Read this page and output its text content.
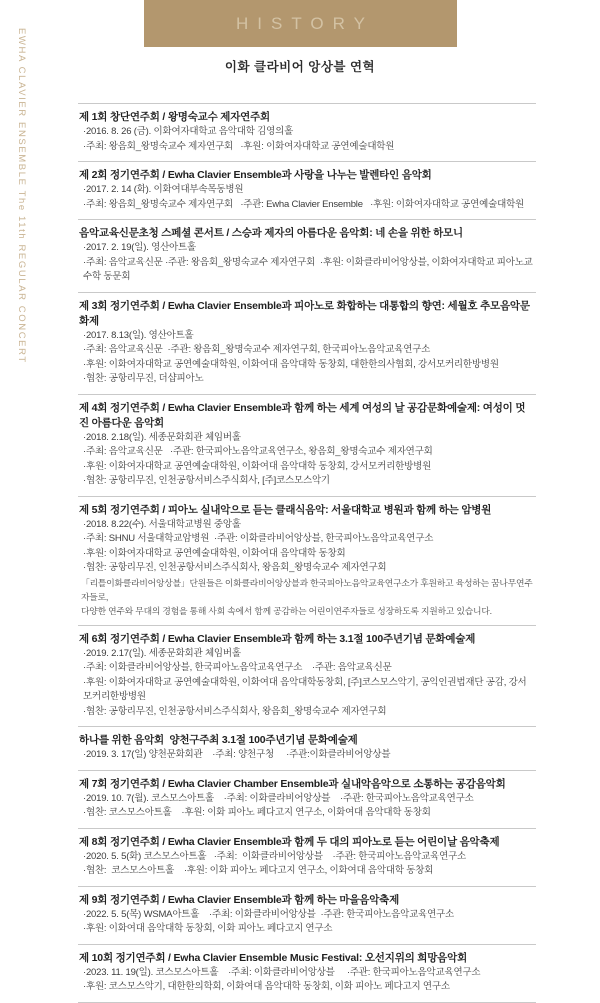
EWHA CLAVIER ENSEMBLE The 11th REGULAR CONCERT
HISTORY
이화 클라비어 앙상블 연혁
제 1회 창단연주회 / 왕명숙교수 제자연주회
·2016. 8. 26 (금). 이화여자대학교 음악대학 김영의홀
·주최: 왕음회_왕명숙교수 제자연구회   ·후원: 이화여자대학교 공연예술대학원
제 2회 정기연주회 / Ewha Clavier Ensemble과 사랑을 나누는 발렌타인 음악회
·2017. 2. 14 (화). 이화여대부속목동병원
·주최: 왕음회_왕명숙교수 제자연구회   ·주관: Ewha Clavier Ensemble   ·후원: 이화여자대학교 공연예술대학원
음악교육신문초청 스페셜 콘서트 / 스승과 제자의 아름다운 음악회: 네 손을 위한 하모니
·2017. 2. 19(일). 영산아트홀
·주최: 음악교육신문 ·주관: 왕음회_왕명숙교수 제자연구회  ·후원: 이화클라비어앙상블, 이화여자대학교 피아노교수학 동문회
제 3회 정기연주회 / Ewha Clavier Ensemble과 피아노로 화합하는 대통합의 향연: 세월호 추모음악문화제
·2017. 8.13(일). 영산아트홀
·주최: 음악교육신문  ·주관: 왕음회_왕명숙교수 제자연구회, 한국피아노음악교육연구소
·후원: 이화여자대학교 공연예술대학원, 이화여대 음악대학 동창회, 대한한의사협회, 강서모커리한방병원
·협찬: 공항리무진, 더샵피아노
제 4회 정기연주회 / Ewha Clavier Ensemble과 함께 하는 세계 여성의 날 공감문화예술제: 여성이 멋진 아름다운 음악회
·2018. 2.18(일). 세종문화회관 체임버홀
·주최: 음악교육신문   ·주관: 한국피아노음악교육연구소, 왕음회_왕명숙교수 제자연구회
·후원: 이화여자대학교 공연예술대학원, 이화여대 음악대학 동창회, 강서모커리한방병원
·협찬: 공항리무진, 인천공항서비스주식회사, [주]코스모스악기
제 5회 정기연주회 / 피아노 실내악으로 듣는 클래식음악: 서울대학교 병원과 함께 하는 암병원
·2018. 8.22(수). 서울대학교병원 중앙홀
·주최: SHNU 서울대학교암병원  ·주관: 이화클라비어앙상블, 한국피아노음악교육연구소
·후원: 이화여자대학교 공연예술대학원, 이화여대 음악대학 동창회
·협찬: 공항리무진, 인천공항서비스주식회사, 왕음회_왕명숙교수 제자연구회
「리틀이화클라비어앙상블」단원들은 이화클라비어앙상블과 한국피아노음악교육연구소가 후원하고 육성하는 꿈나무연주자들로,
다양한 연주와 무대의 경험을 통해 사회 속에서 함께 공감하는 어린이연주자들로 성장하도록 지원하고 있습니다.
제 6회 정기연주회 / Ewha Clavier Ensemble과 함께 하는 3.1절 100주년기념 문화예술제
·2019. 2.17(일). 세종문화회관 체임버홀
·주최: 이화클라비어앙상블, 한국피아노음악교육연구소    ·주관: 음악교육신문
·후원: 이화여자대학교 공연예술대학원, 이화여대 음악대학동창회, [주]코스모스악기, 공익인권법재단 공감, 강서모커리한방병원
·협찬: 공항리무진, 인천공항서비스주식회사, 왕음회_왕명숙교수 제자연구회
하나를 위한 음악회  양천구주최 3.1절 100주년기념 문화예술제
·2019. 3. 17(일) 양천문화회관    ·주최: 양천구청     ·주관:이화클라비어앙상블
제 7회 정기연주회 / Ewha Clavier Chamber Ensemble과 실내악음악으로 소통하는 공감음악회
·2019. 10. 7(월). 코스모스아트홀    ·주최: 이화클라비어앙상블    ·주관: 한국피아노음악교육연구소
·협찬: 코스모스아트홀    ·후원: 이화 피아노 페다고지 연구소, 이화여대 음악대학 동창회
제 8회 정기연주회 / Ewha Clavier Ensemble과 함께 두 대의 피아노로 듣는 어린이날 음악축제
·2020. 5. 5(화) 코스모스아트홀   ·주최:  이화클라비어앙상블    ·주관: 한국피아노음악교육연구소
·협찬:  코스모스아트홀    ·후원: 이화 피아노 페다고지 연구소, 이화여대 음악대학 동창회
제 9회 정기연주회 / Ewha Clavier Ensemble과 함께 하는 마을음악축제
·2022. 5. 5(목) WSMA아트홀    ·주최: 이화클라비어앙상블  ·주관: 한국피아노음악교육연구소
·후원: 이화여대 음악대학 동창회, 이화 피아노 페다고지 연구소
제 10회 정기연주회 / Ewha Clavier Ensemble Music Festival: 오선지위의 희망음악회
·2023. 11. 19(일). 코스모스아트홀    ·주최: 이화클라비어앙상블     ·주관: 한국피아노음악교육연구소
·후원: 코스모스악기, 대한한의학회, 이화여대 음악대학 동창회, 이화 피아노 페다고지 연구소
